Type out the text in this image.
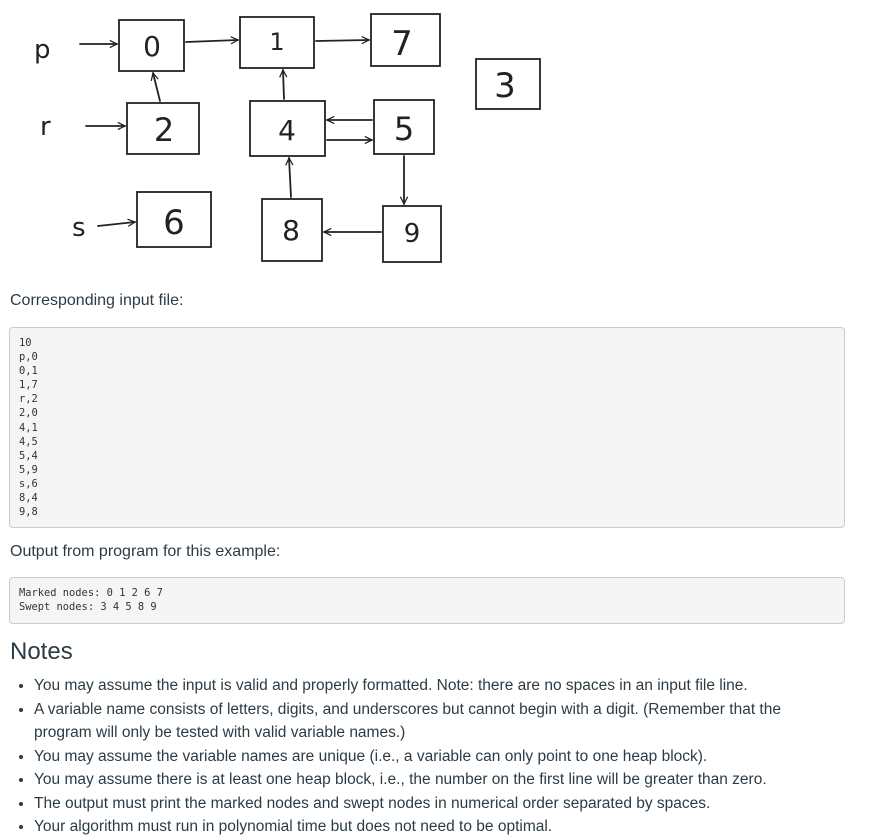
p
r
s
0	1	7
3
2	4	5
6	8	9

Corresponding input file:

10
p,0
0,1
1,7
r,2
2,0
4,1
4,5
5,4
5,9
s,6
8,4
9,8

Output from program for this example:

Marked nodes: 0 1 2 6 7
Swept nodes: 3 4 5 8 9
Notes
• You may assume the input is valid and properly formatted. Note: there are no spaces in an input file line.
• A variable name consists of letters, digits, and underscores but cannot begin with a digit. (Remember that the program will only be tested with valid variable names.)
• You may assume the variable names are unique (i.e., a variable can only point to one heap block).
• You may assume there is at least one heap block, i.e., the number on the first line will be greater than zero.
• The output must print the marked nodes and swept nodes in numerical order separated by spaces.
• Your algorithm must run in polynomial time but does not need to be optimal.
